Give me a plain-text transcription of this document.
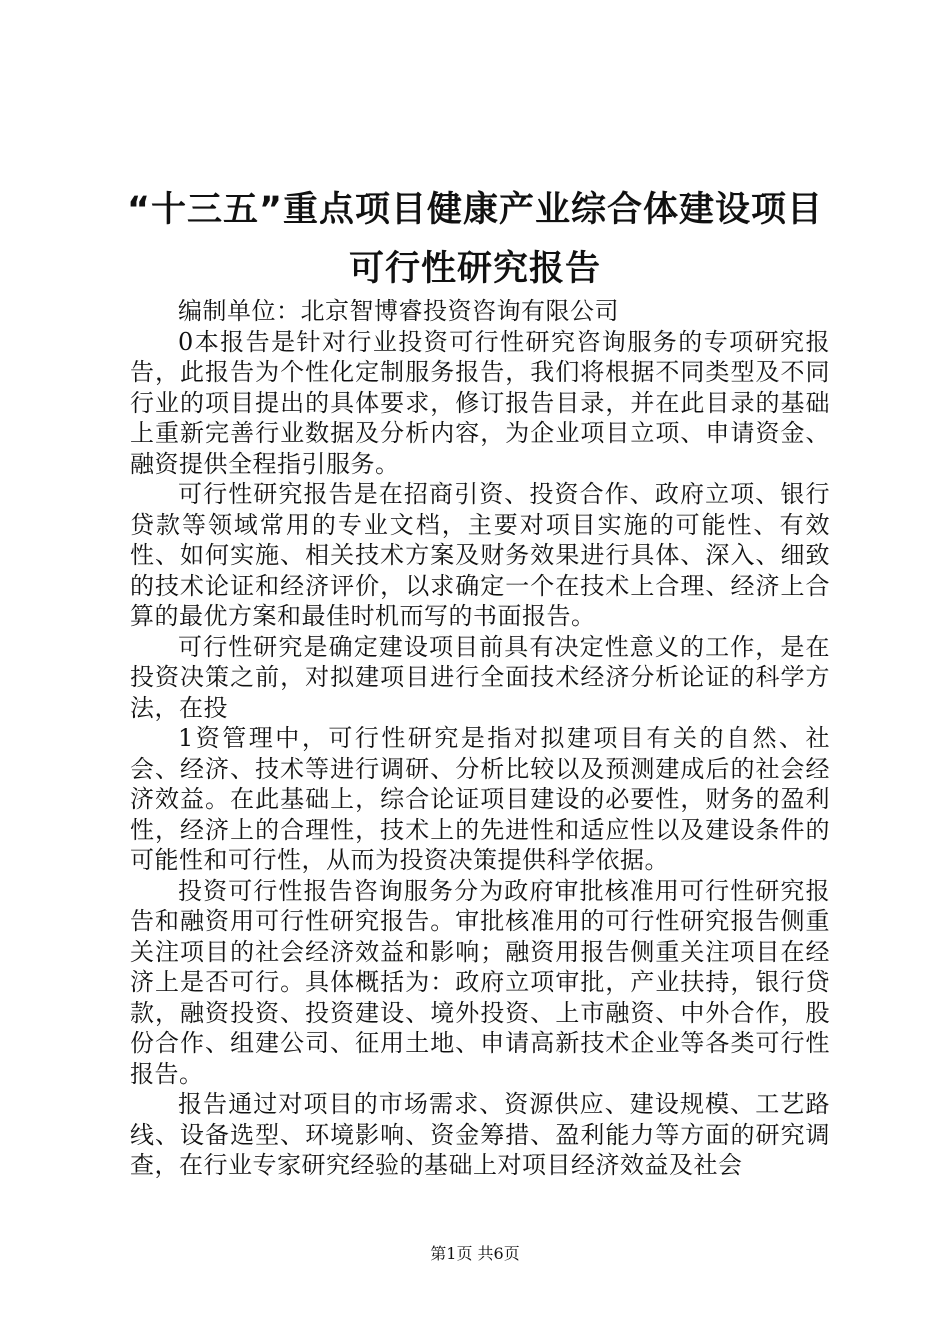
“十三五”重点项目健康产业综合体建设项目
可行性研究报告

编制单位：北京智博睿投资咨询有限公司

0本报告是针对行业投资可行性研究咨询服务的专项研究报告，此报告为个性化定制服务报告，我们将根据不同类型及不同行业的项目提出的具体要求，修订报告目录，并在此目录的基础上重新完善行业数据及分析内容，为企业项目立项、申请资金、融资提供全程指引服务。

可行性研究报告是在招商引资、投资合作、政府立项、银行贷款等领域常用的专业文档，主要对项目实施的可能性、有效性、如何实施、相关技术方案及财务效果进行具体、深入、细致的技术论证和经济评价，以求确定一个在技术上合理、经济上合算的最优方案和最佳时机而写的书面报告。

可行性研究是确定建设项目前具有决定性意义的工作，是在投资决策之前，对拟建项目进行全面技术经济分析论证的科学方法，在投

1资管理中，可行性研究是指对拟建项目有关的自然、社会、经济、技术等进行调研、分析比较以及预测建成后的社会经济效益。在此基础上，综合论证项目建设的必要性，财务的盈利性，经济上的合理性，技术上的先进性和适应性以及建设条件的可能性和可行性，从而为投资决策提供科学依据。

投资可行性报告咨询服务分为政府审批核准用可行性研究报告和融资用可行性研究报告。审批核准用的可行性研究报告侧重关注项目的社会经济效益和影响；融资用报告侧重关注项目在经济上是否可行。具体概括为：政府立项审批，产业扶持，银行贷款，融资投资、投资建设、境外投资、上市融资、中外合作，股份合作、组建公司、征用土地、申请高新技术企业等各类可行性报告。

报告通过对项目的市场需求、资源供应、建设规模、工艺路线、设备选型、环境影响、资金筹措、盈利能力等方面的研究调查，在行业专家研究经验的基础上对项目经济效益及社会

第1页 共6页
